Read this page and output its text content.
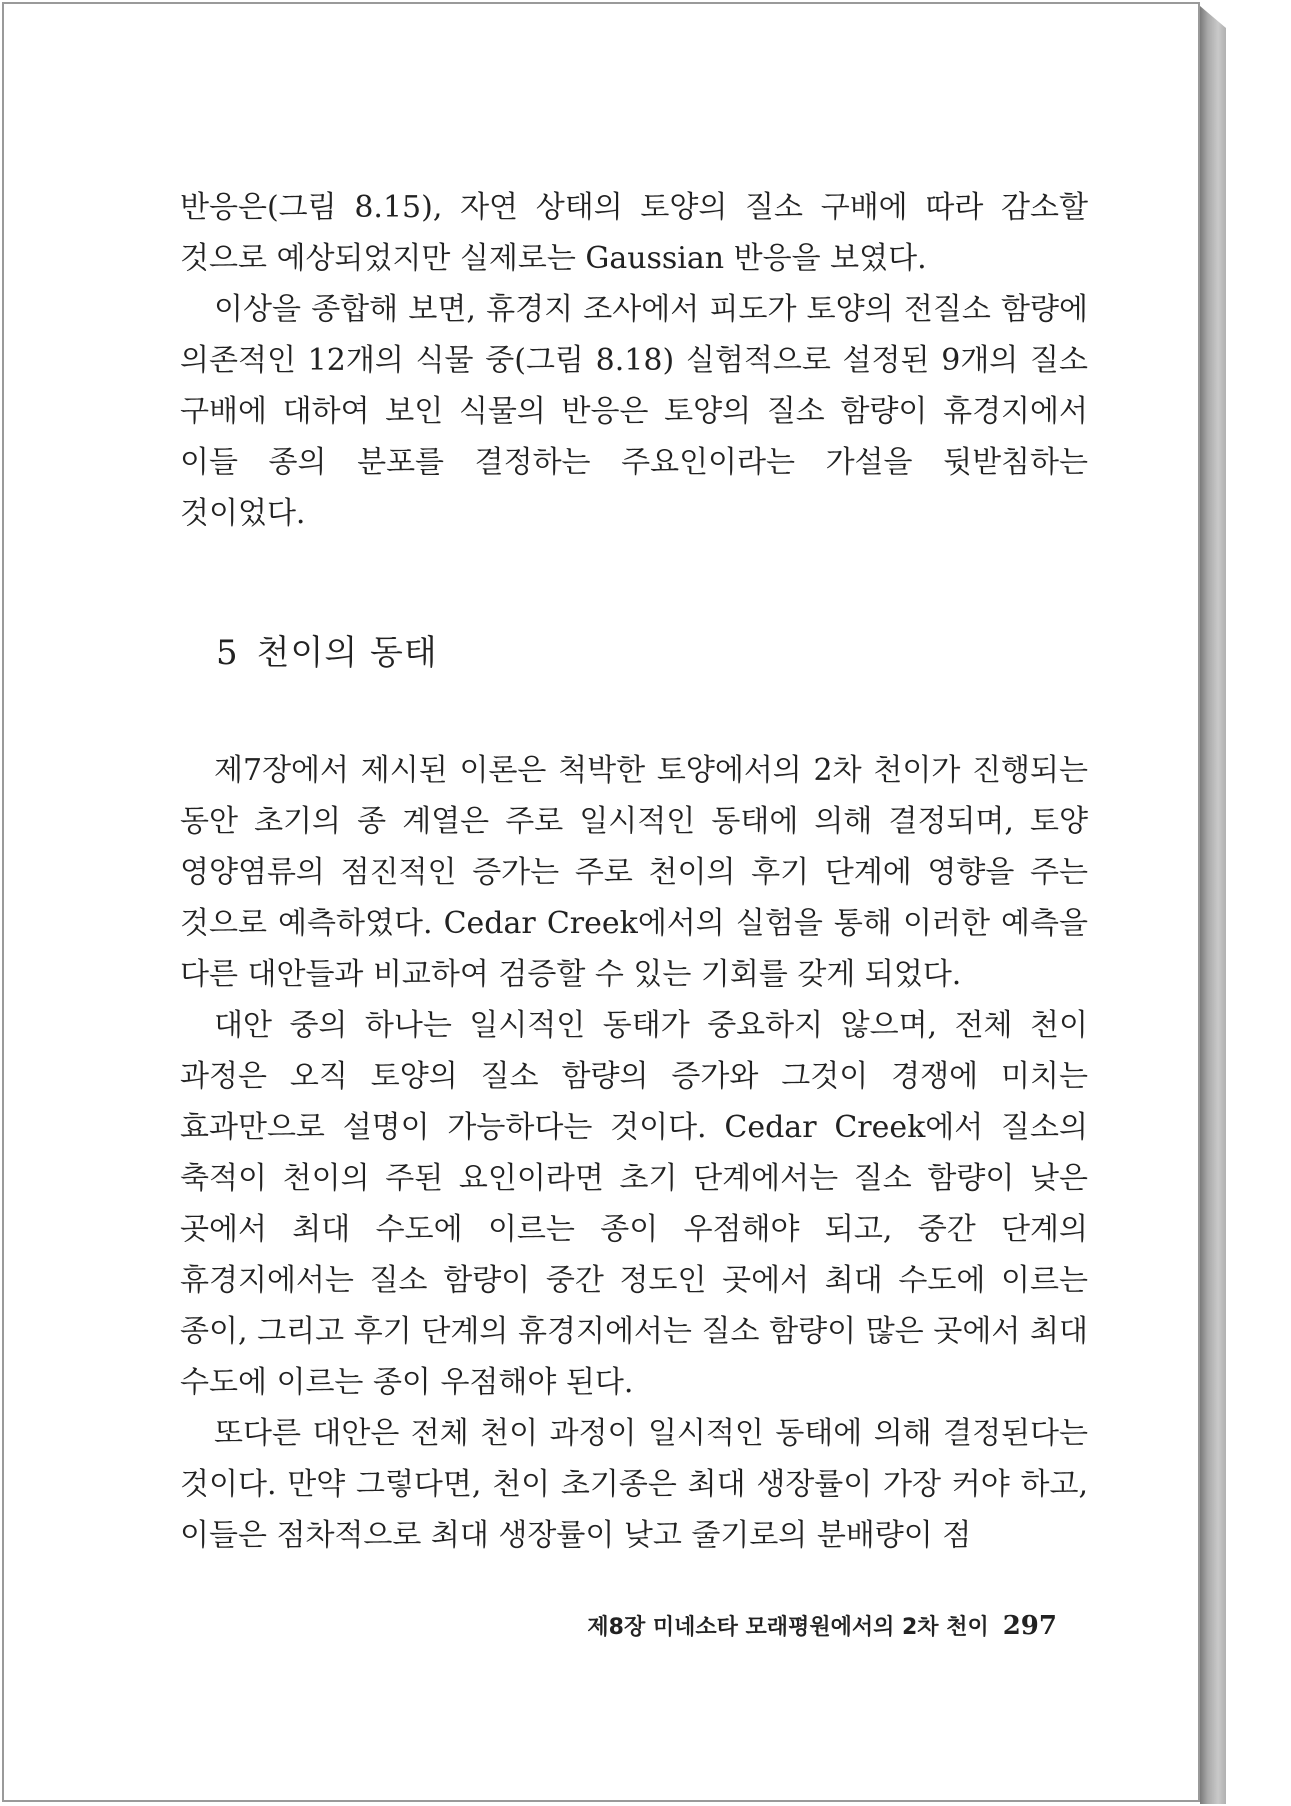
반응은(그림 8.15), 자연 상태의 토양의 질소 구배에 따라 감소할 것으로 예상되었지만 실제로는 Gaussian 반응을 보였다.

이상을 종합해 보면, 휴경지 조사에서 피도가 토양의 전질소 함량에 의존적인 12개의 식물 중(그림 8.18) 실험적으로 설정된 9개의 질소 구배에 대하여 보인 식물의 반응은 토양의 질소 함량이 휴경지에서 이들 종의 분포를 결정하는 주요인이라는 가설을 뒷받침하는 것이었다.

5 천이의 동태

제7장에서 제시된 이론은 척박한 토양에서의 2차 천이가 진행되는 동안 초기의 종 계열은 주로 일시적인 동태에 의해 결정되며, 토양 영양염류의 점진적인 증가는 주로 천이의 후기 단계에 영향을 주는 것으로 예측하였다. Cedar Creek에서의 실험을 통해 이러한 예측을 다른 대안들과 비교하여 검증할 수 있는 기회를 갖게 되었다.

대안 중의 하나는 일시적인 동태가 중요하지 않으며, 전체 천이 과정은 오직 토양의 질소 함량의 증가와 그것이 경쟁에 미치는 효과만으로 설명이 가능하다는 것이다. Cedar Creek에서 질소의 축적이 천이의 주된 요인이라면 초기 단계에서는 질소 함량이 낮은 곳에서 최대 수도에 이르는 종이 우점해야 되고, 중간 단계의 휴경지에서는 질소 함량이 중간 정도인 곳에서 최대 수도에 이르는 종이, 그리고 후기 단계의 휴경지에서는 질소 함량이 많은 곳에서 최대 수도에 이르는 종이 우점해야 된다.

또다른 대안은 전체 천이 과정이 일시적인 동태에 의해 결정된다는 것이다. 만약 그렇다면, 천이 초기종은 최대 생장률이 가장 커야 하고, 이들은 점차적으로 최대 생장률이 낮고 줄기로의 분배량이 점

제8장 미네소타 모래평원에서의 2차 천이 297
